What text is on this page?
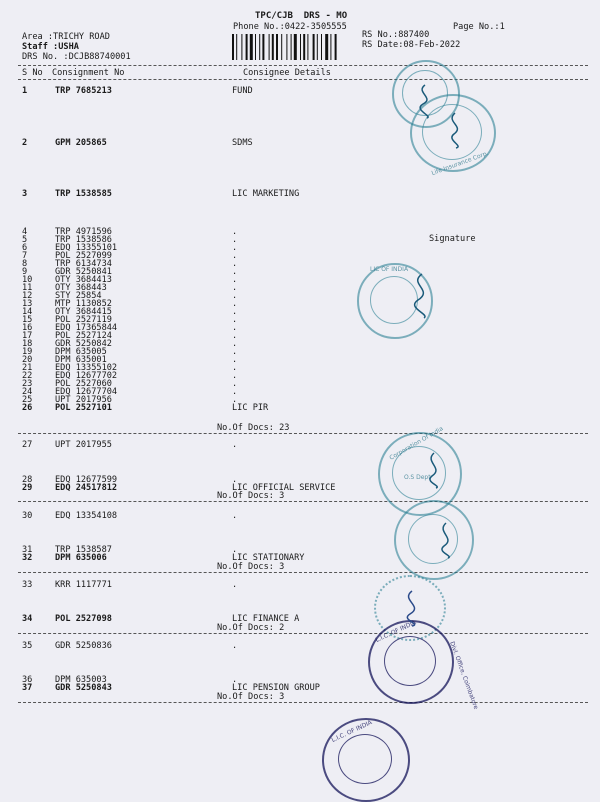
TPC/CJB  DRS - MO
Phone No.:0422-3505555	Page No.:1
Area :TRICHY ROAD
Staff :USHA
DRS No. :DCJB88740001
RS No.:887400
RS Date:08-Feb-2022
S No Consignment No	Consignee Details
1	TRP 7685213	FUND
2	GPM 205865	SDMS
3	TRP 1538585	LIC MARKETING
4	TRP 4971596	.
5	TRP 1538586	.
6	EDQ 13355101	.
7	POL 2527099	.
8	TRP 6134734	.
9	GDR 5250841	.
10	OTY 3684413	.
11	OTY 368443	.
12	STY 25854	.
13	MTP 1130852	.
14	OTY 3684415	.
15	POL 2527119	.
16	EDQ 17365844	.
17	POL 2527124	.
18	GDR 5250842	.
19	DPM 635005	.
20	DPM 635001	.
21	EDQ 13355102	.
22	EDQ 12677702	.
23	POL 2527060	.
24	EDQ 12677704	.
25	UPT 2017956	.
26	POL 2527101	LIC PIR
27	UPT 2017955	.
28	EDQ 12677599	.
29	EDQ 24517812	LIC OFFICIAL SERVICE
30	EDQ 13354108	.
31	TRP 1538587	.
32	DPM 635006	LIC STATIONARY
33	KRR 1117771	.
34	POL 2527098	LIC FINANCE A
35	GDR 5250836	.
36	DPM 635003	.
37	GDR 5250843	LIC PENSION GROUP
No.Of Docs: 23
No.Of Docs: 3
No.Of Docs: 3
No.Of Docs: 2
No.Of Docs: 3
Signature
Life Insurance Corp.
LIC OF INDIA
Corporation Of India
O.S Dept
L.I.C. OF INDIA
Divl. Office, Coimbatore
L.I.C. OF INDIA
